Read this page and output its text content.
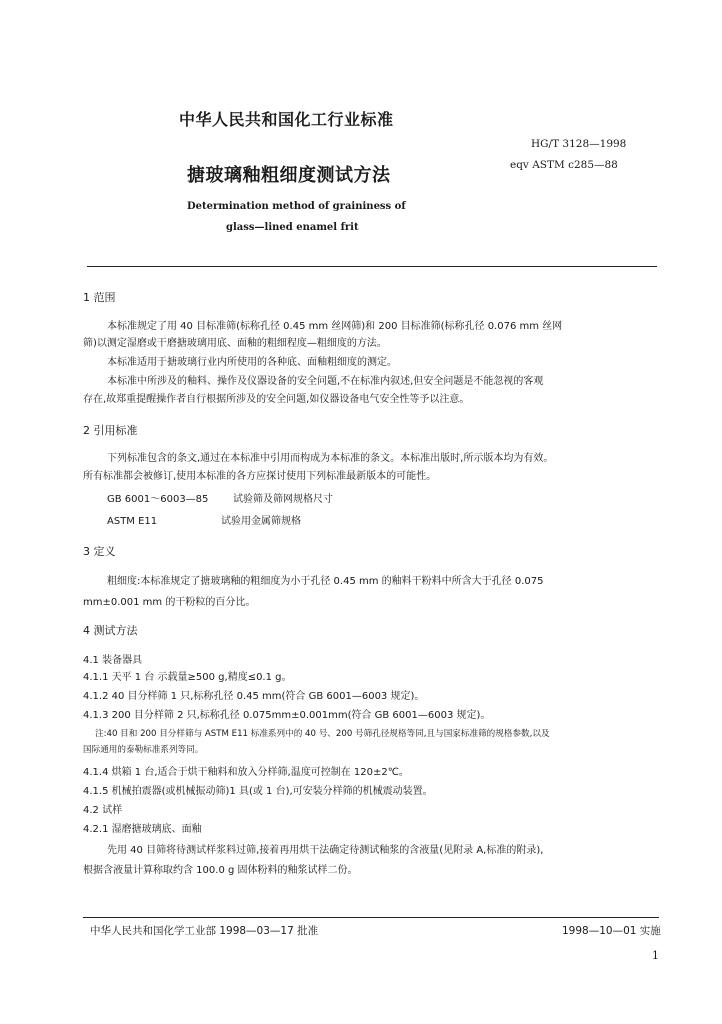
中华人民共和国化工行业标准
HG/T 3128—1998
eqv ASTM c285—88
搪玻璃釉粗细度测试方法
Determination method of graininess of
glass—lined enamel frit
1 范围
本标准规定了用 40 目标准筛(标称孔径 0.45 mm 丝网筛)和 200 目标准筛(标称孔径 0.076 mm 丝网
筛)以测定湿磨或干磨搪玻璃用底、面釉的粗细程度—粗细度的方法。
本标准适用于搪玻璃行业内所使用的各种底、面釉粗细度的测定。
本标准中所涉及的釉料、操作及仪器设备的安全问题,不在标准内叙述,但安全问题是不能忽视的客观
存在,故郑重提醒操作者自行根据所涉及的安全问题,如仪器设备电气安全性等予以注意。
2 引用标准
下列标准包含的条文,通过在本标准中引用而构成为本标准的条文。本标准出版时,所示版本均为有效。
所有标准都会被修订,使用本标准的各方应探讨使用下列标准最新版本的可能性。
GB 6001～6003—85 试验筛及筛网规格尺寸
ASTM E11	试验用金属筛规格
3 定义
粗细度:本标准规定了搪玻璃釉的粗细度为小于孔径 0.45 mm 的釉料干粉料中所含大于孔径 0.075
mm±0.001 mm 的干粉粒的百分比。
4 测试方法
4.1 装备器具
4.1.1 天平 1 台 示载量≥500 g,精度≤0.1 g。
4.1.2 40 目分样筛 1 只,标称孔径 0.45 mm(符合 GB 6001—6003 规定)。
4.1.3 200 目分样筛 2 只,标称孔径 0.075mm±0.001mm(符合 GB 6001—6003 规定)。
注:40 目和 200 目分样筛与 ASTM E11 标准系列中的 40 号、200 号筛孔径规格等同,且与国家标准筛的规格参数,以及
国际通用的泰勒标准系列等同。
4.1.4 烘箱 1 台,适合于烘干釉料和放入分样筛,温度可控制在 120±2℃。
4.1.5 机械拍震器(或机械振动筛)1 具(或 1 台),可安装分样筛的机械震动装置。
4.2 试样
4.2.1 湿磨搪玻璃底、面釉
先用 40 目筛将待测试样浆料过筛,接着再用烘干法确定待测试釉浆的含液量(见附录 A,标准的附录),
根据含液量计算称取约含 100.0 g 固体粉料的釉浆试样二份。
中华人民共和国化学工业部 1998—03—17 批准	1998—10—01 实施
1
